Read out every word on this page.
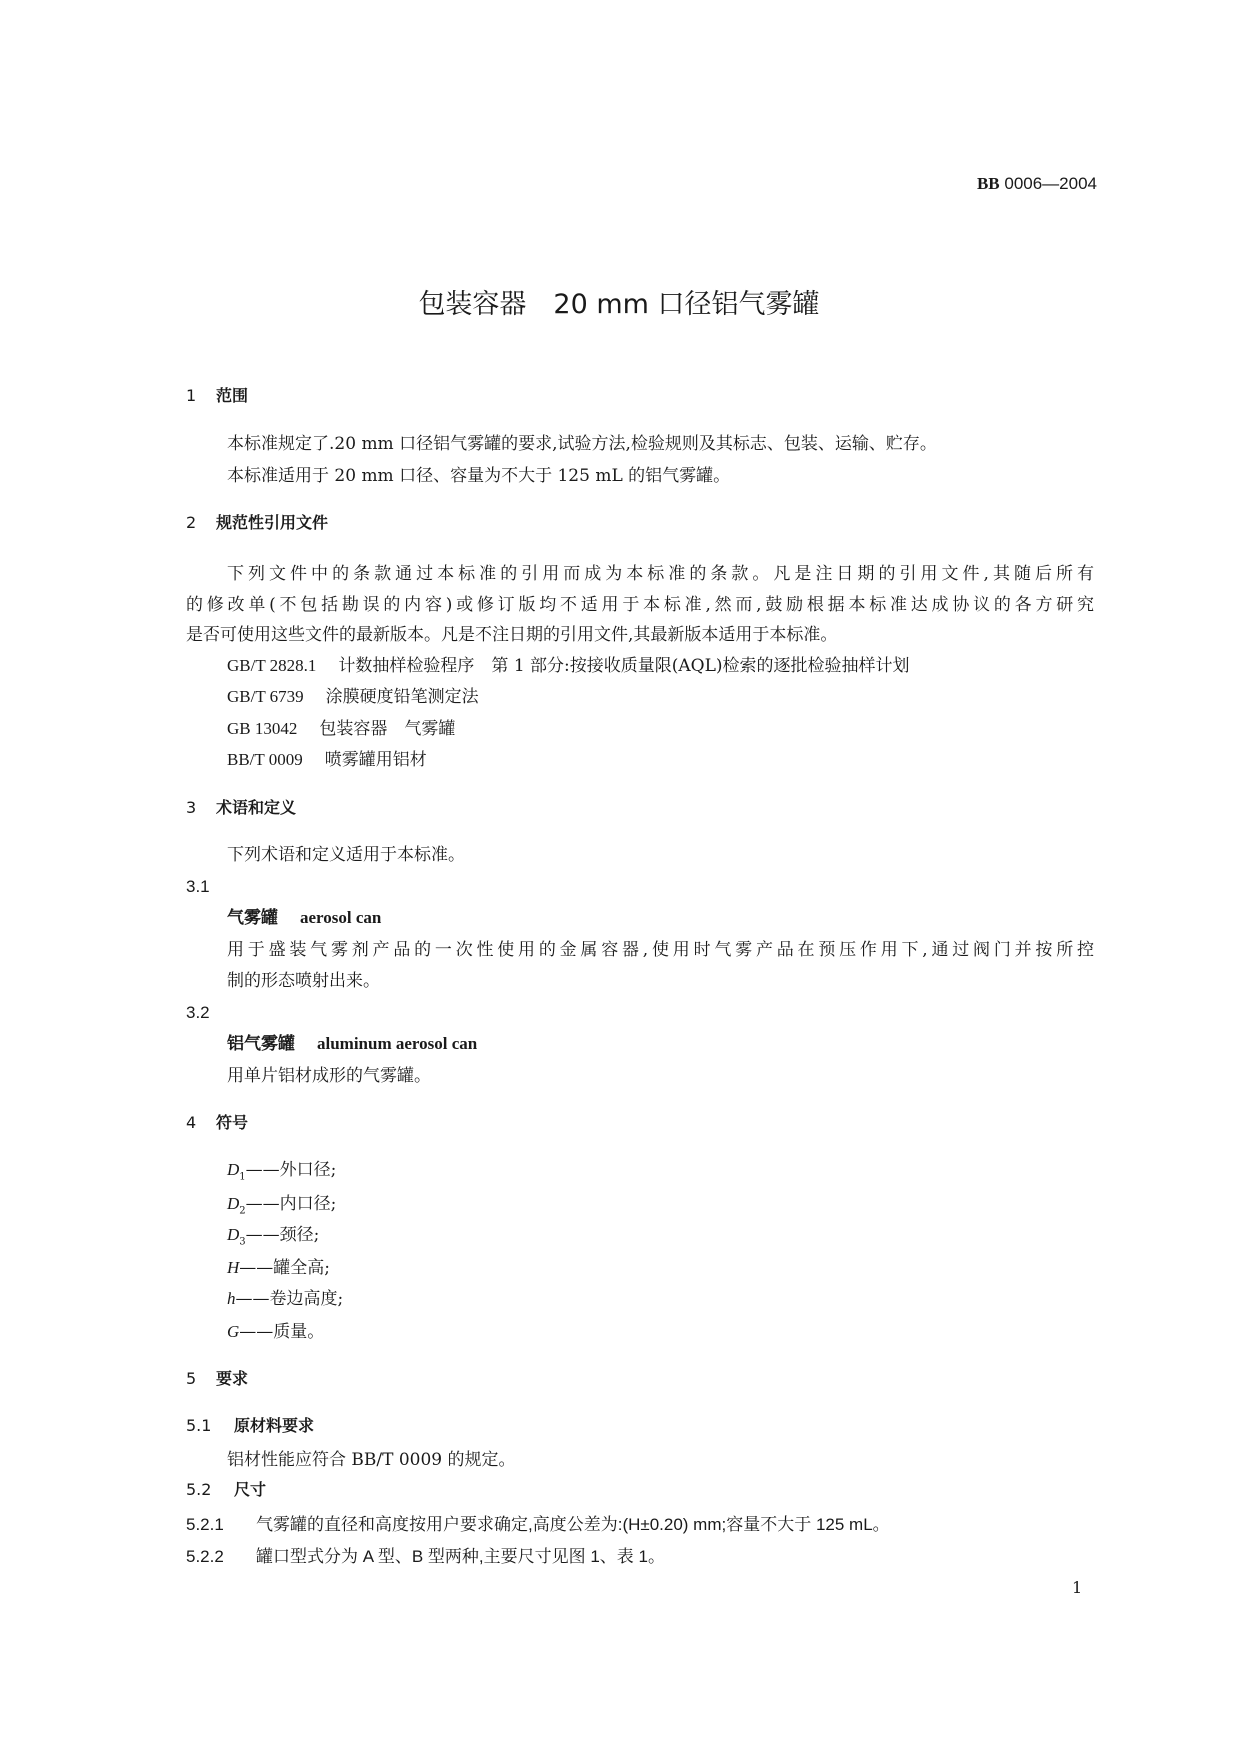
BB 0006—2004
包装容器　20 mm 口径铝气雾罐
1 范围
本标准规定了.20 mm 口径铝气雾罐的要求,试验方法,检验规则及其标志、包装、运输、贮存。
本标准适用于 20 mm 口径、容量为不大于 125 mL 的铝气雾罐。
2 规范性引用文件
下列文件中的条款通过本标准的引用而成为本标准的条款。凡是注日期的引用文件,其随后所有
的修改单(不包括勘误的内容)或修订版均不适用于本标准,然而,鼓励根据本标准达成协议的各方研究
是否可使用这些文件的最新版本。凡是不注日期的引用文件,其最新版本适用于本标准。
GB/T 2828.1 计数抽样检验程序　第 1 部分:按接收质量限(AQL)检索的逐批检验抽样计划
GB/T 6739 涂膜硬度铅笔测定法
GB 13042 包装容器　气雾罐
BB/T 0009 喷雾罐用铝材
3 术语和定义
下列术语和定义适用于本标准。
3.1
气雾罐 aerosol can
用于盛装气雾剂产品的一次性使用的金属容器,使用时气雾产品在预压作用下,通过阀门并按所控
制的形态喷射出来。
3.2
铝气雾罐 aluminum aerosol can
用单片铝材成形的气雾罐。
4 符号
$D_1——$外口径;
$D_2——$内口径;
$D_3——$颈径;
H——罐全高;
h——卷边高度;
G——质量。
5 要求
5.1 原材料要求
铝材性能应符合 BB/T 0009 的规定。
5.2 尺寸
5.2.1 气雾罐的直径和高度按用户要求确定,高度公差为:(H±0.20) mm;容量不大于 125 mL。
5.2.2 罐口型式分为 A 型、B 型两种,主要尺寸见图 1、表 1。
1
